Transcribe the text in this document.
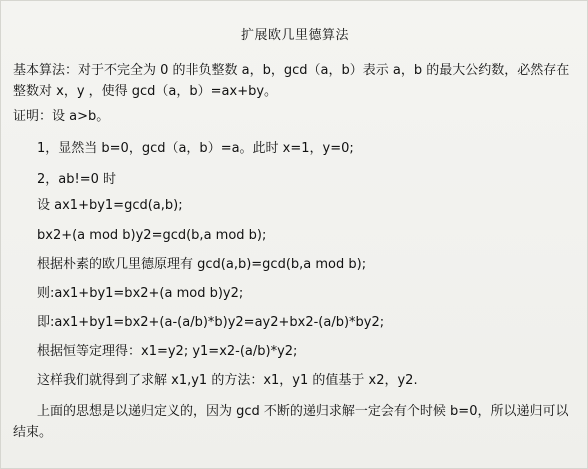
扩展欧几里德算法
基本算法：对于不完全为 0 的非负整数 a，b，gcd（a，b）表示 a，b 的最大公约数，必然存在整数对 x，y ，使得 gcd（a，b）=ax+by。
证明：设 a>b。
1，显然当 b=0，gcd（a，b）=a。此时 x=1，y=0;
2，ab!=0 时
设 ax1+by1=gcd(a,b);
bx2+(a mod b)y2=gcd(b,a mod b);
根据朴素的欧几里德原理有 gcd(a,b)=gcd(b,a mod b);
则:ax1+by1=bx2+(a mod b)y2;
即:ax1+by1=bx2+(a-(a/b)*b)y2=ay2+bx2-(a/b)*by2;
根据恒等定理得：x1=y2; y1=x2-(a/b)*y2;
这样我们就得到了求解 x1,y1 的方法：x1，y1 的值基于 x2，y2.
上面的思想是以递归定义的，因为 gcd 不断的递归求解一定会有个时候 b=0，所以递归可以结束。
